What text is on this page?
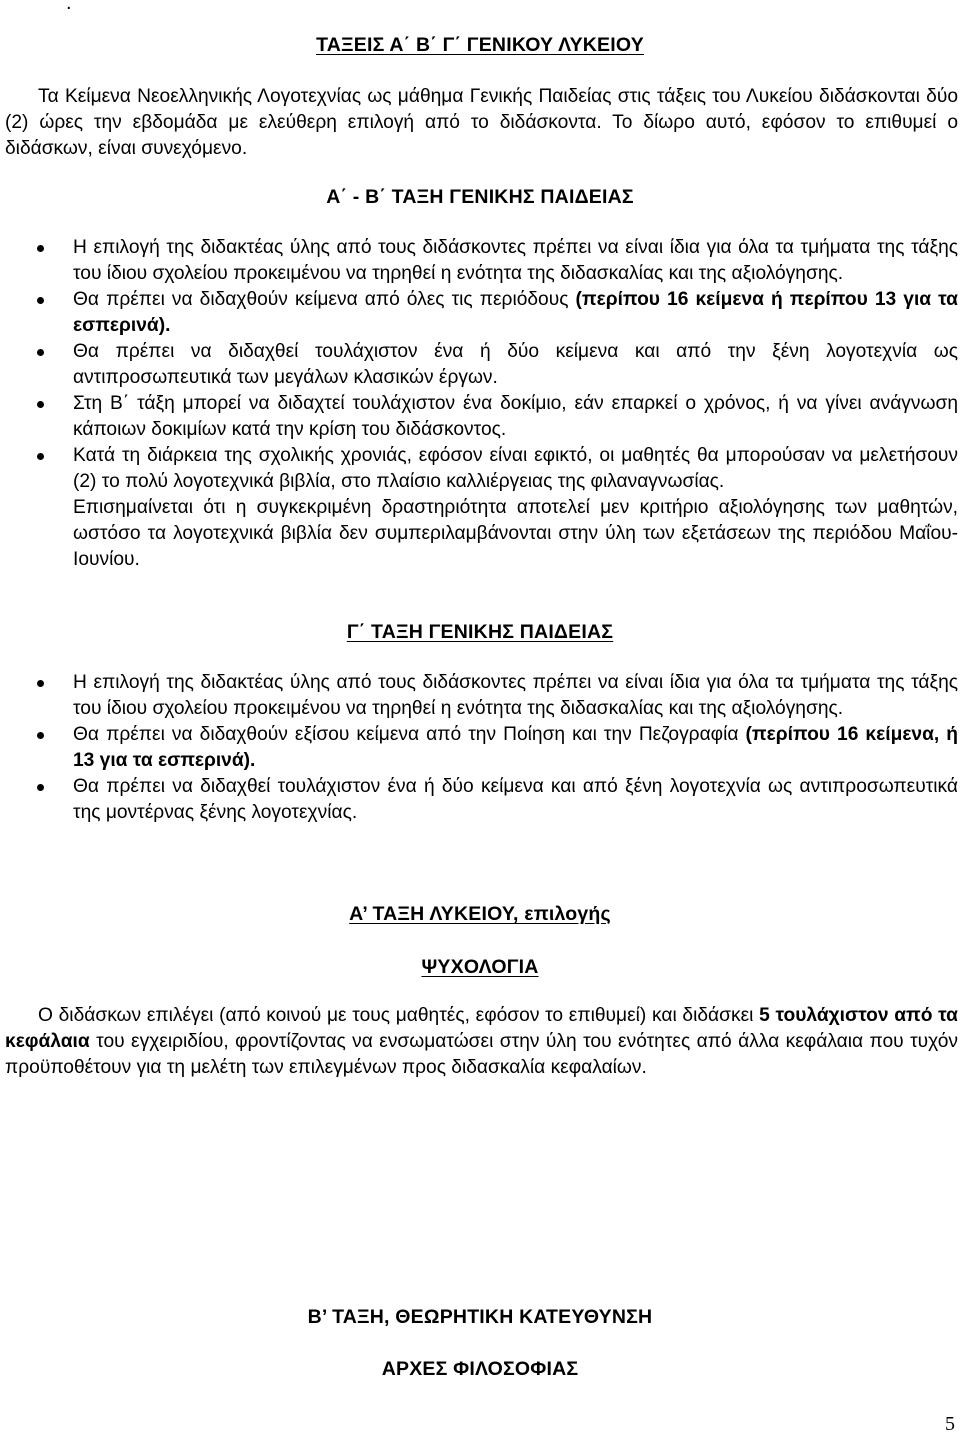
.
ΤΑΞΕΙΣ Α΄ Β΄ Γ΄ ΓΕΝΙΚΟΥ ΛΥΚΕΙΟΥ

Τα Κείμενα Νεοελληνικής Λογοτεχνίας ως μάθημα Γενικής Παιδείας στις τάξεις του Λυκείου διδάσκονται δύο (2) ώρες την εβδομάδα με ελεύθερη επιλογή από το διδάσκοντα. Το δίωρο αυτό, εφόσον το επιθυμεί ο διδάσκων, είναι συνεχόμενο.

Α΄ - Β΄ ΤΑΞΗ ΓΕΝΙΚΗΣ ΠΑΙΔΕΙΑΣ
Η επιλογή της διδακτέας ύλης από τους διδάσκοντες πρέπει να είναι ίδια για όλα τα τμήματα της τάξης του ίδιου σχολείου προκειμένου να τηρηθεί η ενότητα της διδασκαλίας και της αξιολόγησης.
Θα πρέπει να διδαχθούν κείμενα από όλες τις περιόδους (περίπου 16 κείμενα ή περίπου 13 για τα εσπερινά).
Θα πρέπει να διδαχθεί τουλάχιστον ένα ή δύο κείμενα και από την ξένη λογοτεχνία ως αντιπροσωπευτικά των μεγάλων κλασικών έργων.
Στη Β΄ τάξη μπορεί να διδαχτεί τουλάχιστον ένα δοκίμιο, εάν επαρκεί ο χρόνος, ή να γίνει ανάγνωση κάποιων δοκιμίων κατά την κρίση του διδάσκοντος.
Κατά τη διάρκεια της σχολικής χρονιάς, εφόσον είναι εφικτό, οι μαθητές θα μπορούσαν να μελετήσουν (2) το πολύ λογοτεχνικά βιβλία, στο πλαίσιο καλλιέργειας της φιλαναγνωσίας.
Επισημαίνεται ότι η συγκεκριμένη δραστηριότητα αποτελεί μεν κριτήριο αξιολόγησης των μαθητών, ωστόσο τα λογοτεχνικά βιβλία δεν συμπεριλαμβάνονται στην ύλη των εξετάσεων της περιόδου Μαΐου-Ιουνίου.
Γ΄ ΤΑΞΗ ΓΕΝΙΚΗΣ ΠΑΙΔΕΙΑΣ
Η επιλογή της διδακτέας ύλης από τους διδάσκοντες πρέπει να είναι ίδια για όλα τα τμήματα της τάξης του ίδιου σχολείου προκειμένου να τηρηθεί η ενότητα της διδασκαλίας και της αξιολόγησης.
Θα πρέπει να διδαχθούν εξίσου κείμενα από την Ποίηση και την Πεζογραφία (περίπου 16 κείμενα, ή 13 για τα εσπερινά).
Θα πρέπει να διδαχθεί τουλάχιστον ένα ή δύο κείμενα και από ξένη λογοτεχνία ως αντιπροσωπευτικά της μοντέρνας ξένης λογοτεχνίας.
Α’ ΤΑΞΗ ΛΥΚΕΙΟΥ, επιλογής
ΨΥΧΟΛΟΓΙΑ

Ο διδάσκων επιλέγει (από κοινού με τους μαθητές, εφόσον το επιθυμεί) και διδάσκει 5 τουλάχιστον από τα κεφάλαια του εγχειριδίου, φροντίζοντας να ενσωματώσει στην ύλη του ενότητες από άλλα κεφάλαια που τυχόν προϋποθέτουν για τη μελέτη των επιλεγμένων προς διδασκαλία κεφαλαίων.

Β’ ΤΑΞΗ, ΘΕΩΡΗΤΙΚΗ ΚΑΤΕΥΘΥΝΣΗ
ΑΡΧΕΣ ΦΙΛΟΣΟΦΙΑΣ
5
